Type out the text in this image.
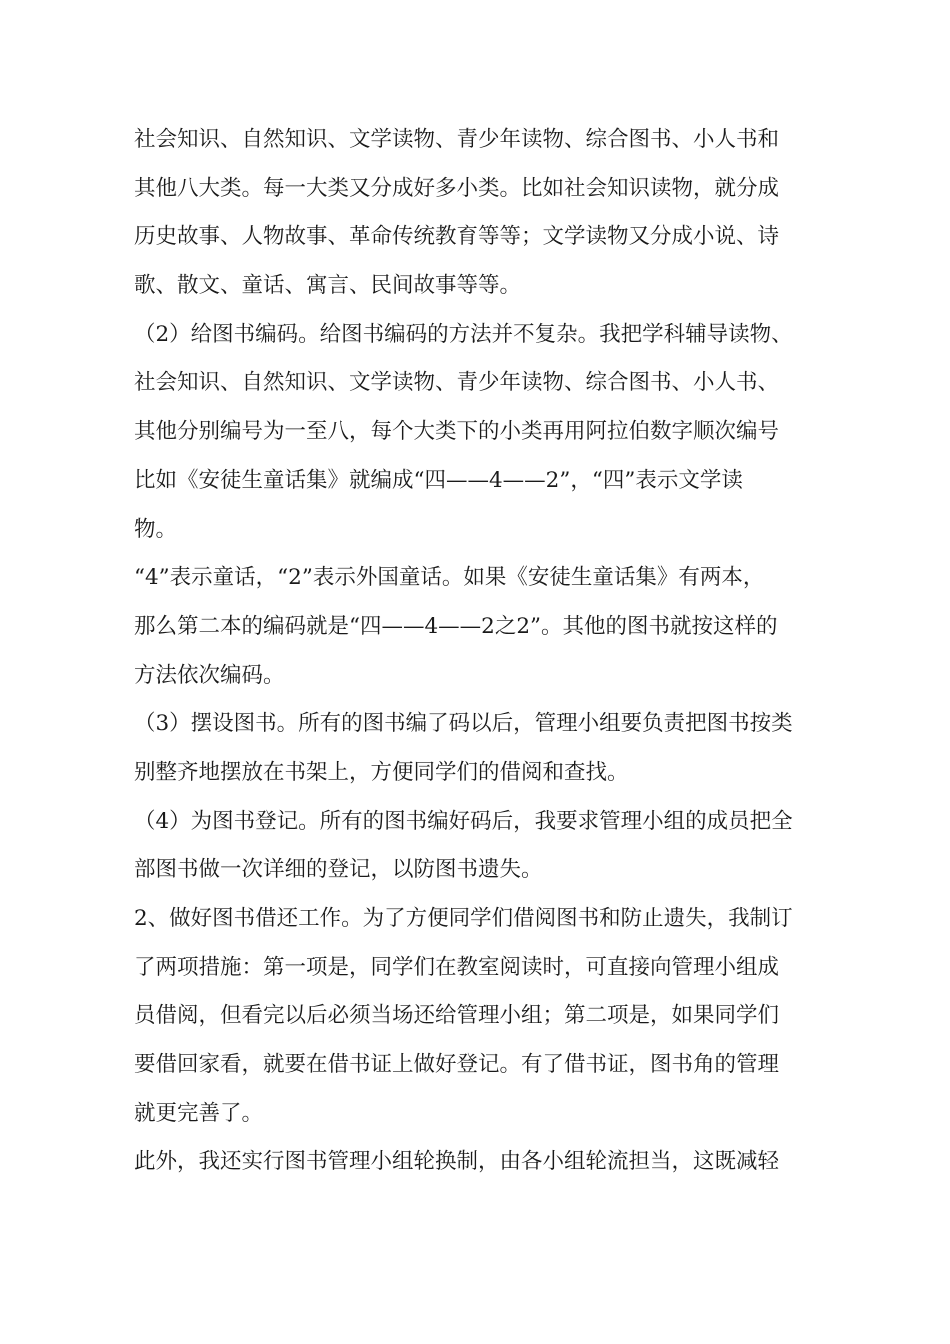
社会知识、自然知识、文学读物、青少年读物、综合图书、小人书和
其他八大类。每一大类又分成好多小类。比如社会知识读物，就分成
历史故事、人物故事、革命传统教育等等；文学读物又分成小说、诗
歌、散文、童话、寓言、民间故事等等。
（2）给图书编码。给图书编码的方法并不复杂。我把学科辅导读物、
社会知识、自然知识、文学读物、青少年读物、综合图书、小人书、
其他分别编号为一至八，每个大类下的小类再用阿拉伯数字顺次编号
比如《安徒生童话集》就编成“四——4——2”，“四”表示文学读
物。
“4”表示童话，“2”表示外国童话。如果《安徒生童话集》有两本，
那么第二本的编码就是“四——4——2之2”。其他的图书就按这样的
方法依次编码。
（3）摆设图书。所有的图书编了码以后，管理小组要负责把图书按类
别整齐地摆放在书架上，方便同学们的借阅和查找。
（4）为图书登记。所有的图书编好码后，我要求管理小组的成员把全
部图书做一次详细的登记，以防图书遗失。
2、做好图书借还工作。为了方便同学们借阅图书和防止遗失，我制订
了两项措施：第一项是，同学们在教室阅读时，可直接向管理小组成
员借阅，但看完以后必须当场还给管理小组；第二项是，如果同学们
要借回家看，就要在借书证上做好登记。有了借书证，图书角的管理
就更完善了。
此外，我还实行图书管理小组轮换制，由各小组轮流担当，这既减轻
